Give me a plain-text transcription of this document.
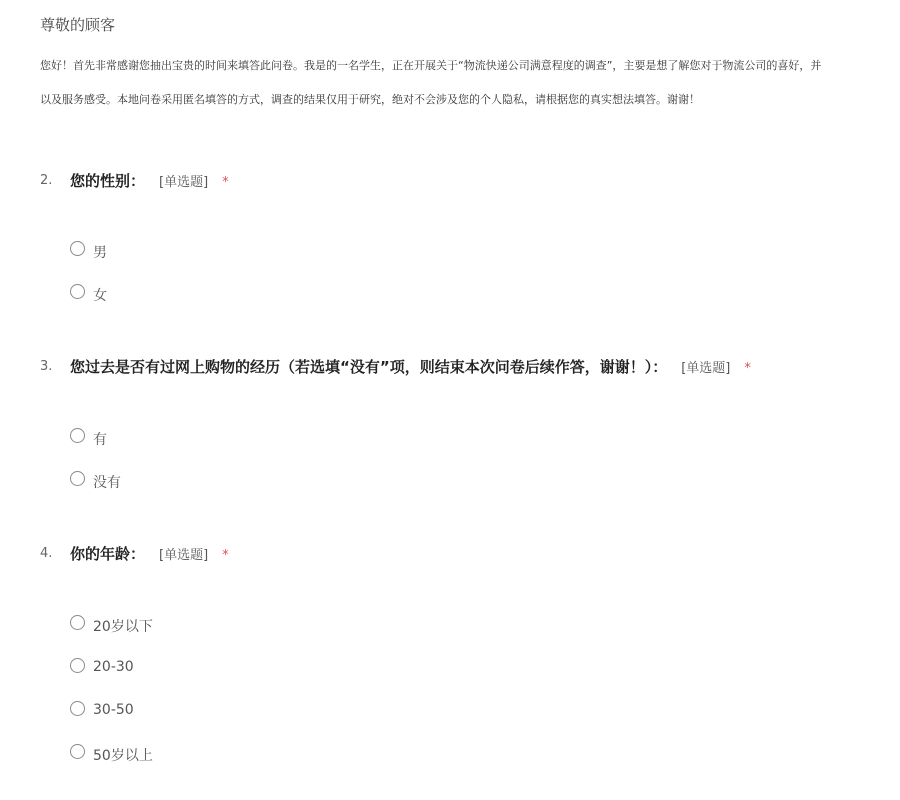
尊敬的顾客
您好！首先非常感谢您抽出宝贵的时间来填答此问卷。我是的一名学生，正在开展关于“物流快递公司满意程度的调查”，主要是想了解您对于物流公司的喜好，并
以及服务感受。本地问卷采用匿名填答的方式，调查的结果仅用于研究，绝对不会涉及您的个人隐私，请根据您的真实想法填答。谢谢！
2. 您的性别： [单选题] *
男
女
3. 您过去是否有过网上购物的经历（若选填“没有”项，则结束本次问卷后续作答，谢谢！）： [单选题] *
有
没有
4. 你的年龄： [单选题] *
20岁以下
20-30
30-50
50岁以上
